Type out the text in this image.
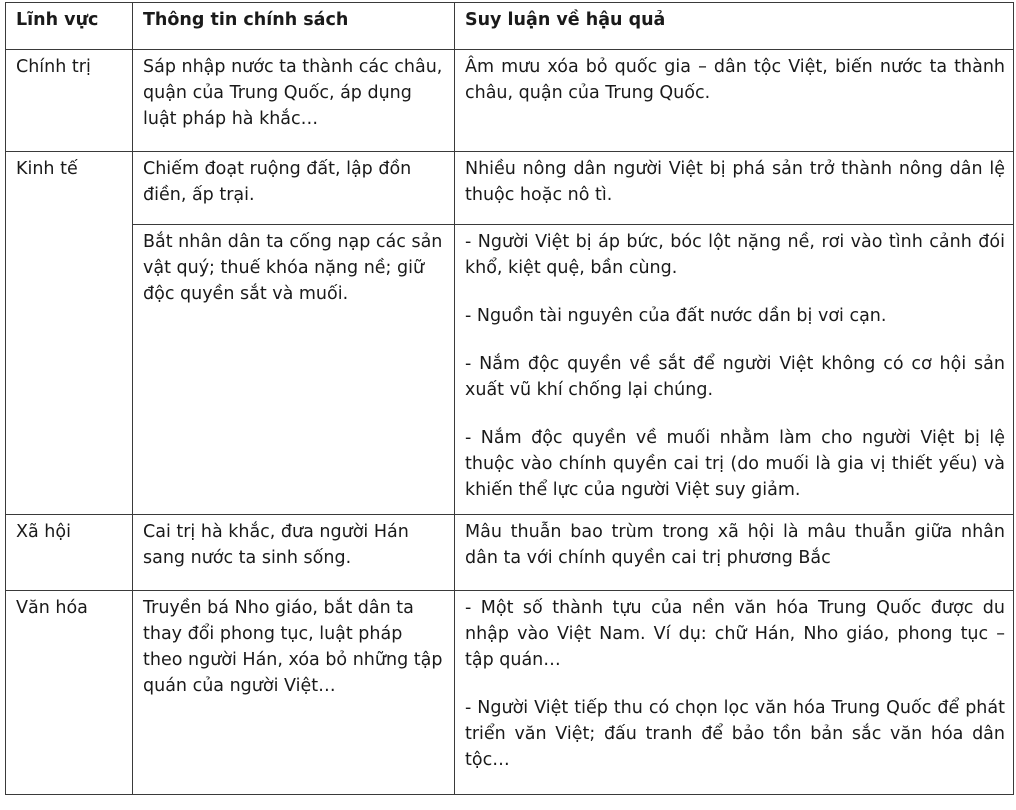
Lĩnh vực	Thông tin chính sách	Suy luận về hậu quả
Chính trị	Sáp nhập nước ta thành các châu, quận của Trung Quốc, áp dụng luật pháp hà khắc…	Âm mưu xóa bỏ quốc gia – dân tộc Việt, biến nước ta thành châu, quận của Trung Quốc.

Kinh tế	Chiếm đoạt ruộng đất, lập đồn điền, ấp trại.	Nhiều nông dân người Việt bị phá sản trở thành nông dân lệ thuộc hoặc nô tì.

	Bắt nhân dân ta cống nạp các sản vật quý; thuế khóa nặng nề; giữ độc quyền sắt và muối.	- Người Việt bị áp bức, bóc lột nặng nề, rơi vào tình cảnh đói khổ, kiệt quệ, bần cùng.

- Nguồn tài nguyên của đất nước dần bị vơi cạn.

- Nắm độc quyền về sắt để người Việt không có cơ hội sản xuất vũ khí chống lại chúng.

- Nắm độc quyền về muối nhằm làm cho người Việt bị lệ thuộc vào chính quyền cai trị (do muối là gia vị thiết yếu) và khiến thể lực của người Việt suy giảm.

Xã hội	Cai trị hà khắc, đưa người Hán sang nước ta sinh sống.	Mâu thuẫn bao trùm trong xã hội là mâu thuẫn giữa nhân dân ta với chính quyền cai trị phương Bắc

Văn hóa	Truyền bá Nho giáo, bắt dân ta thay đổi phong tục, luật pháp theo người Hán, xóa bỏ những tập quán của người Việt…	- Một số thành tựu của nền văn hóa Trung Quốc được du nhập vào Việt Nam. Ví dụ: chữ Hán, Nho giáo, phong tục – tập quán…

- Người Việt tiếp thu có chọn lọc văn hóa Trung Quốc để phát triển văn Việt; đấu tranh để bảo tồn bản sắc văn hóa dân tộc…
